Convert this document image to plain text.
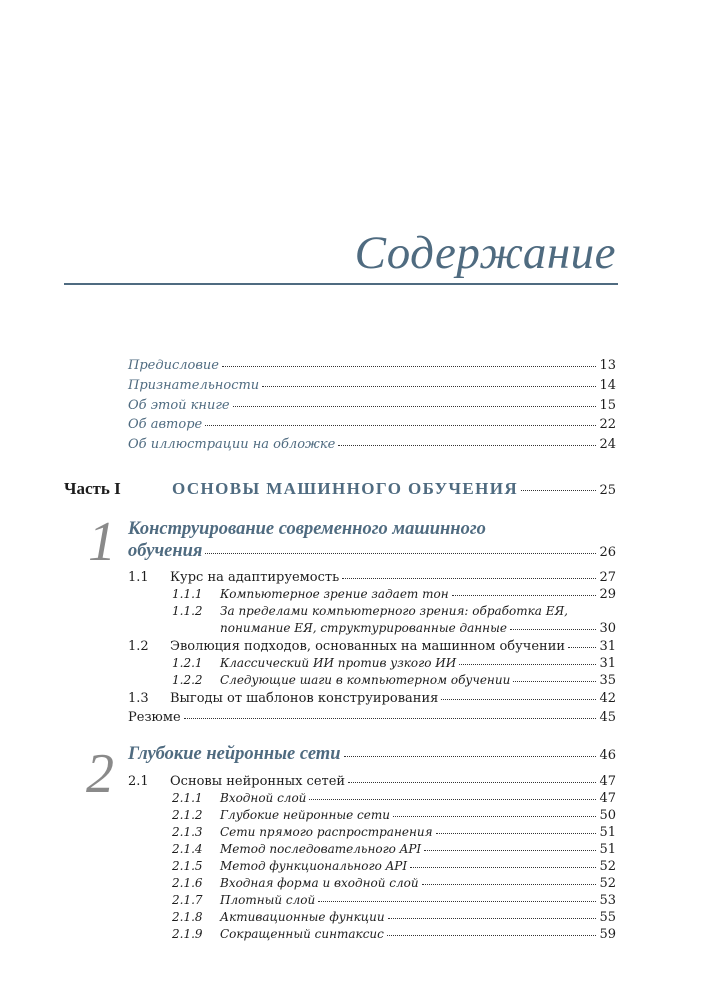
Содержание
Предисловие	13
Признательности	14
Об этой книге	15
Об авторе	22
Об иллюстрации на обложке	24
Часть I	ОСНОВЫ МАШИННОГО ОБУЧЕНИЯ	25
1 Конструирование современного машинного
обучения	26
1.1	Курс на адаптируемость	27
1.1.1	Компьютерное зрение задает тон	29
1.1.2	За пределами компьютерного зрения: обработка ЕЯ,
понимание ЕЯ, структурированные данные	30
1.2	Эволюция подходов, основанных на машинном обучении	31
1.2.1	Классический ИИ против узкого ИИ	31
1.2.2	Следующие шаги в компьютерном обучении	35
1.3	Выгоды от шаблонов конструирования	42
Резюме	45
2 Глубокие нейронные сети	46
2.1	Основы нейронных сетей	47
2.1.1	Входной слой	47
2.1.2	Глубокие нейронные сети	50
2.1.3	Сети прямого распространения	51
2.1.4	Метод последовательного API	51
2.1.5	Метод функционального API	52
2.1.6	Входная форма и входной слой	52
2.1.7	Плотный слой	53
2.1.8	Активационные функции	55
2.1.9	Сокращенный синтаксис	59
